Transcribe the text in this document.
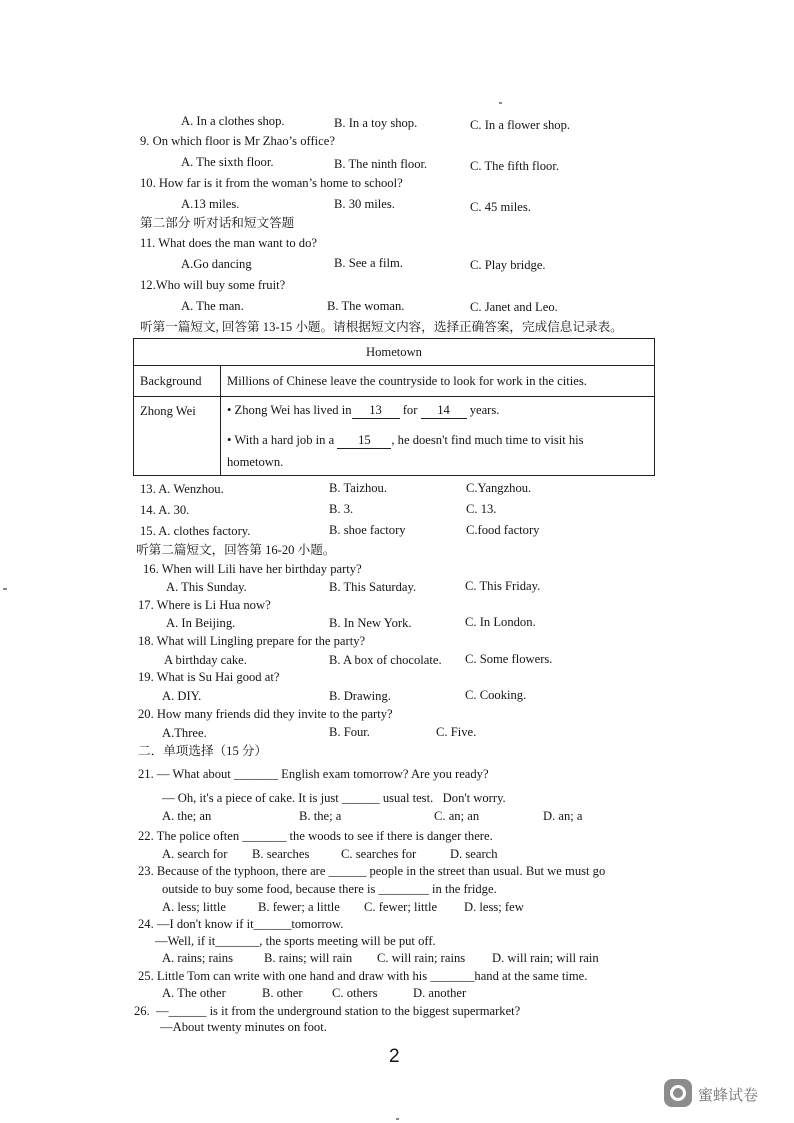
A. In a clothes shop.	B. In a toy shop.	C. In a flower shop.
9. On which floor is Mr Zhao’s office?
A. The sixth floor.	B. The ninth floor.	C. The fifth floor.
10. How far is it from the woman’s home to school?
A.13 miles.	B. 30 miles.	C. 45 miles.
第二部分 听对话和短文答题
11. What does the man want to do?
A.Go dancing	B. See a film.	C. Play bridge.
12.Who will buy some fruit?
A. The man.	B. The woman.	C. Janet and Leo.
听第一篇短文, 回答第 13-15 小题。请根据短文内容，选择正确答案，完成信息记录表。
Hometown	
Background	Millions of Chinese leave the countryside to look for work in the cities.
Zhong Wei	• Zhong Wei has lived in 13 for 14 years.
• With a hard job in a 15 , he doesn't find much time to visit his
hometown.
13. A. Wenzhou.	B. Taizhou.	C.Yangzhou.
14. A. 30.	B. 3.	C. 13.
15. A. clothes factory.	B. shoe factory	C.food factory
听第二篇短文，回答第 16-20 小题。
16. When will Lili have her birthday party?
A. This Sunday.	B. This Saturday.	C. This Friday.
17. Where is Li Hua now?
A. In Beijing.	B. In New York.	C. In London.
18. What will Lingling prepare for the party?
A birthday cake.	B. A box of chocolate. C. Some flowers.
19. What is Su Hai good at?
A. DIY.	B. Drawing.	C. Cooking.
20. How many friends did they invite to the party?
A.Three.	B. Four.	C. Five.
二．单项选择（15 分）
21. — What about _______ English exam tomorrow? Are you ready?
— Oh, it's a piece of cake. It is just ______ usual test.   Don't worry.
A. the; an	B. the; a	C. an; an	D. an; a
22. The police often _______ the woods to see if there is danger there.
A. search for B. searches	C. searches for	D. search
23. Because of the typhoon, there are ______ people in the street than usual. But we must go
outside to buy some food, because there is ________ in the fridge.
A. less; little	B. fewer; a little C. fewer; little D. less; few
24. —I don't know if it______tomorrow.
—Well, if it_______, the sports meeting will be put off.
A. rains; rains B. rains; will rain C. will rain; rains D. will rain; will rain
25. Little Tom can write with one hand and draw with his _______hand at the same time.
A. The other	B. other C. others	D. another
26.  —______ is it from the underground station to the biggest supermarket?
—About twenty minutes on foot.
2
蜜蜂试卷
